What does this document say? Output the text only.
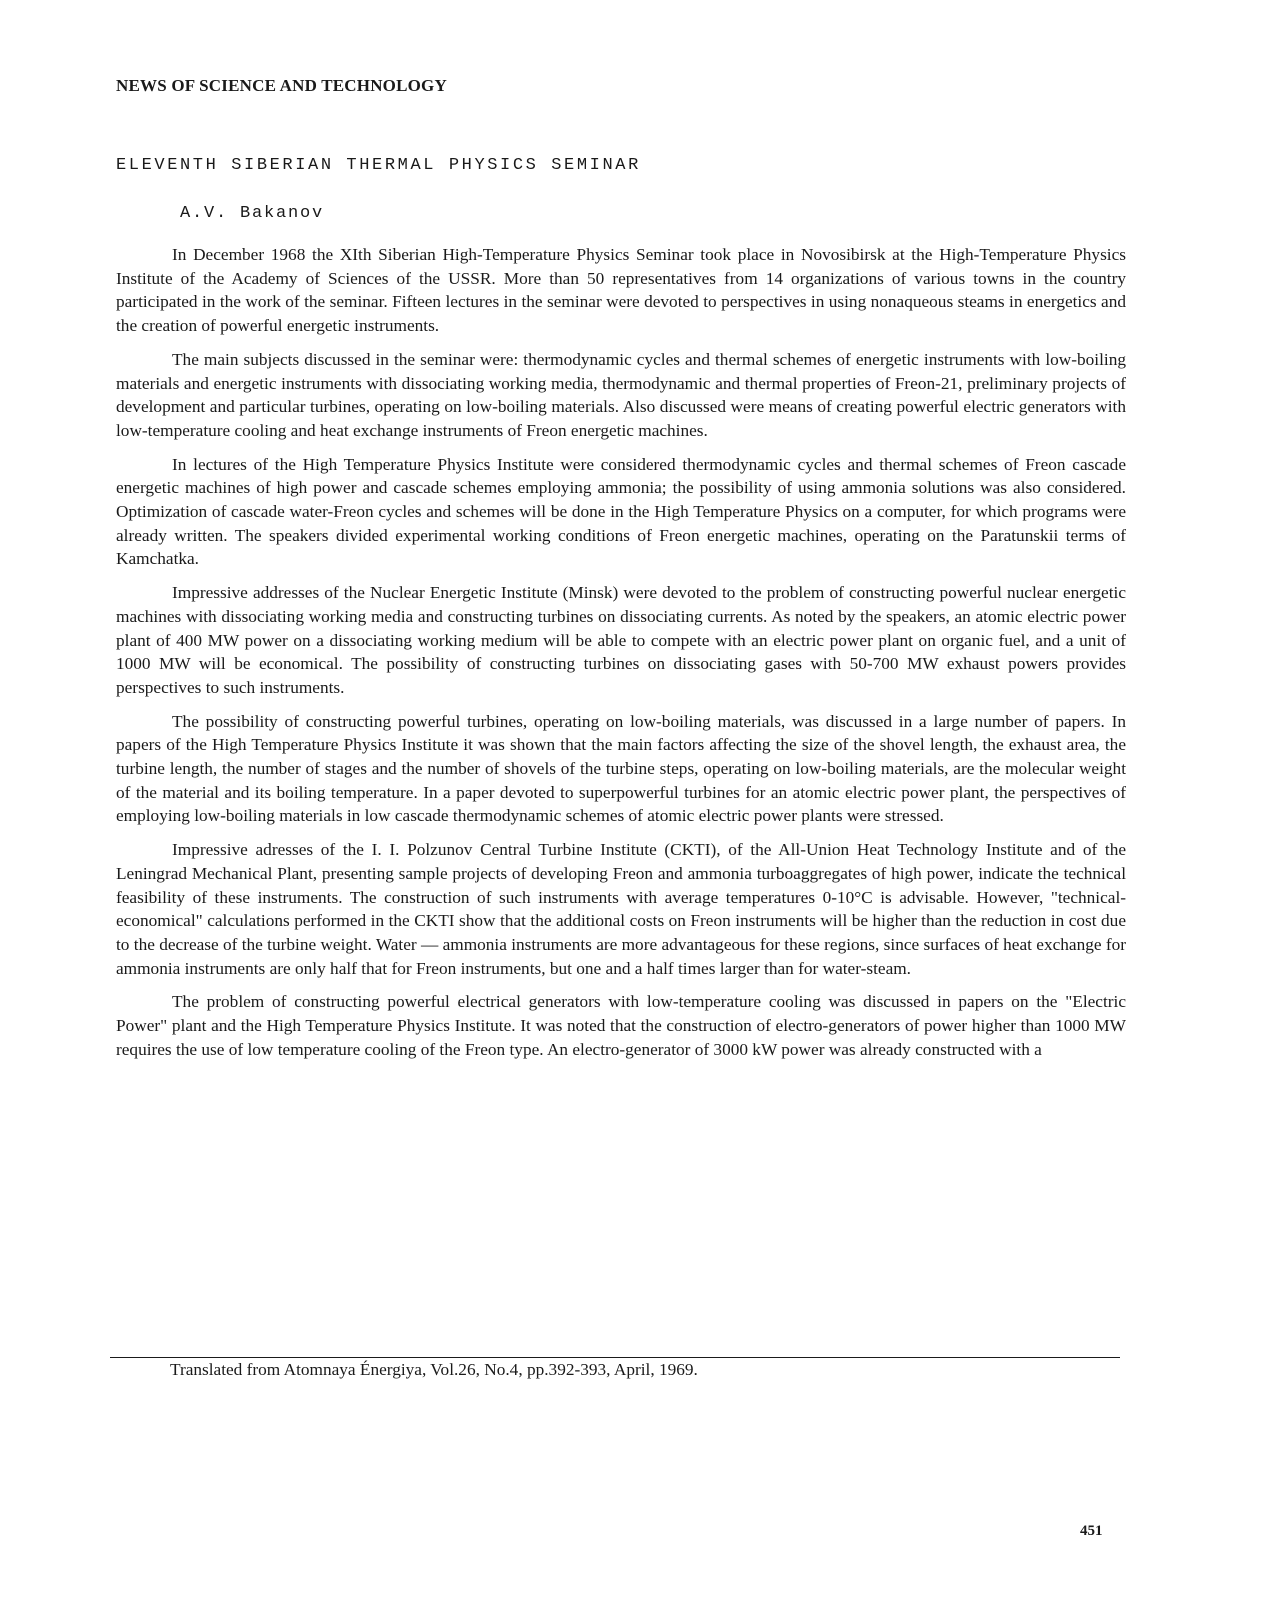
NEWS OF SCIENCE AND TECHNOLOGY
ELEVENTH SIBERIAN THERMAL PHYSICS SEMINAR
A.V. Bakanov

In December 1968 the XIth Siberian High-Temperature Physics Seminar took place in Novosibirsk at the High-Temperature Physics Institute of the Academy of Sciences of the USSR. More than 50 representatives from 14 organizations of various towns in the country participated in the work of the seminar. Fifteen lectures in the seminar were devoted to perspectives in using nonaqueous steams in energetics and the creation of powerful energetic instruments.

The main subjects discussed in the seminar were: thermodynamic cycles and thermal schemes of energetic instruments with low-boiling materials and energetic instruments with dissociating working media, thermodynamic and thermal properties of Freon-21, preliminary projects of development and particular turbines, operating on low-boiling materials. Also discussed were means of creating powerful electric generators with low-temperature cooling and heat exchange instruments of Freon energetic machines.

In lectures of the High Temperature Physics Institute were considered thermodynamic cycles and thermal schemes of Freon cascade energetic machines of high power and cascade schemes employing ammonia; the possibility of using ammonia solutions was also considered. Optimization of cascade water-Freon cycles and schemes will be done in the High Temperature Physics on a computer, for which programs were already written. The speakers divided experimental working conditions of Freon energetic machines, operating on the Paratunskii terms of Kamchatka.

Impressive addresses of the Nuclear Energetic Institute (Minsk) were devoted to the problem of constructing powerful nuclear energetic machines with dissociating working media and constructing turbines on dissociating currents. As noted by the speakers, an atomic electric power plant of 400 MW power on a dissociating working medium will be able to compete with an electric power plant on organic fuel, and a unit of 1000 MW will be economical. The possibility of constructing turbines on dissociating gases with 50-700 MW exhaust powers provides perspectives to such instruments.

The possibility of constructing powerful turbines, operating on low-boiling materials, was discussed in a large number of papers. In papers of the High Temperature Physics Institute it was shown that the main factors affecting the size of the shovel length, the exhaust area, the turbine length, the number of stages and the number of shovels of the turbine steps, operating on low-boiling materials, are the molecular weight of the material and its boiling temperature. In a paper devoted to superpowerful turbines for an atomic electric power plant, the perspectives of employing low-boiling materials in low cascade thermodynamic schemes of atomic electric power plants were stressed.

Impressive adresses of the I. I. Polzunov Central Turbine Institute (CKTI), of the All-Union Heat Technology Institute and of the Leningrad Mechanical Plant, presenting sample projects of developing Freon and ammonia turboaggregates of high power, indicate the technical feasibility of these instruments. The construction of such instruments with average temperatures 0-10°C is advisable. However, "technical-economical" calculations performed in the CKTI show that the additional costs on Freon instruments will be higher than the reduction in cost due to the decrease of the turbine weight. Water — ammonia instruments are more advantageous for these regions, since surfaces of heat exchange for ammonia instruments are only half that for Freon instruments, but one and a half times larger than for water-steam.

The problem of constructing powerful electrical generators with low-temperature cooling was discussed in papers on the "Electric Power" plant and the High Temperature Physics Institute. It was noted that the construction of electro-generators of power higher than 1000 MW requires the use of low temperature cooling of the Freon type. An electro-generator of 3000 kW power was already constructed with a

Translated from Atomnaya Énergiya, Vol.26, No.4, pp.392-393, April, 1969.
451
